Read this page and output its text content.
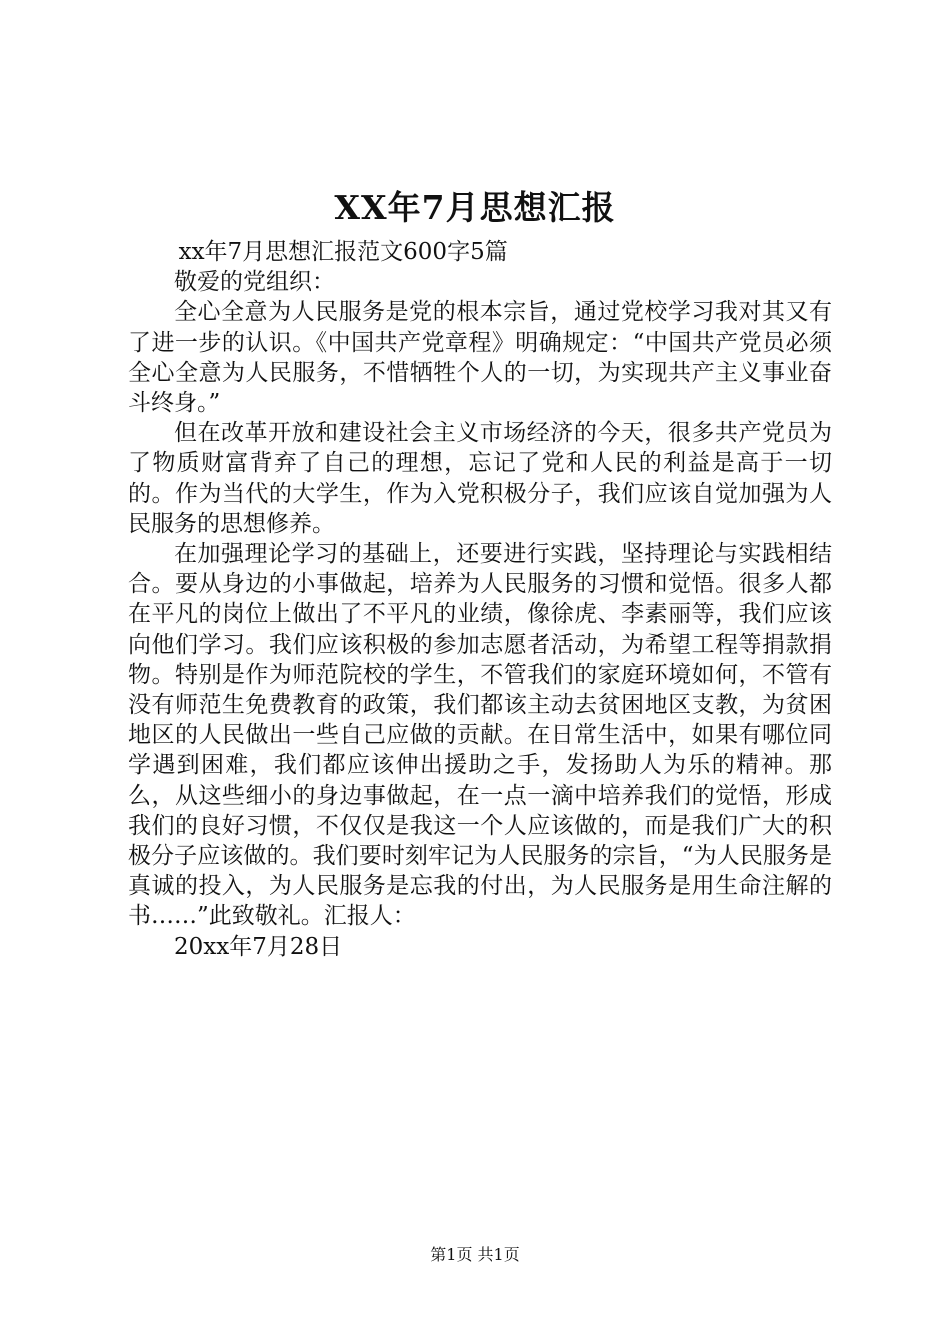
XX年7月思想汇报

xx年7月思想汇报范文600字5篇

敬爱的党组织：

全心全意为人民服务是党的根本宗旨，通过党校学习我对其又有了进一步的认识。《中国共产党章程》明确规定：“中国共产党员必须全心全意为人民服务，不惜牺牲个人的一切，为实现共产主义事业奋斗终身。”

但在改革开放和建设社会主义市场经济的今天，很多共产党员为了物质财富背弃了自己的理想，忘记了党和人民的利益是高于一切的。作为当代的大学生，作为入党积极分子，我们应该自觉加强为人民服务的思想修养。

在加强理论学习的基础上，还要进行实践，坚持理论与实践相结合。要从身边的小事做起，培养为人民服务的习惯和觉悟。很多人都在平凡的岗位上做出了不平凡的业绩，像徐虎、李素丽等，我们应该向他们学习。我们应该积极的参加志愿者活动，为希望工程等捐款捐物。特别是作为师范院校的学生，不管我们的家庭环境如何，不管有没有师范生免费教育的政策，我们都该主动去贫困地区支教，为贫困地区的人民做出一些自己应做的贡献。在日常生活中，如果有哪位同学遇到困难，我们都应该伸出援助之手，发扬助人为乐的精神。那么，从这些细小的身边事做起，在一点一滴中培养我们的觉悟，形成我们的良好习惯，不仅仅是我这一个人应该做的，而是我们广大的积极分子应该做的。我们要时刻牢记为人民服务的宗旨，“为人民服务是真诚的投入，为人民服务是忘我的付出，为人民服务是用生命注解的书……”此致敬礼。汇报人：

20xx年7月28日

第1页 共1页
